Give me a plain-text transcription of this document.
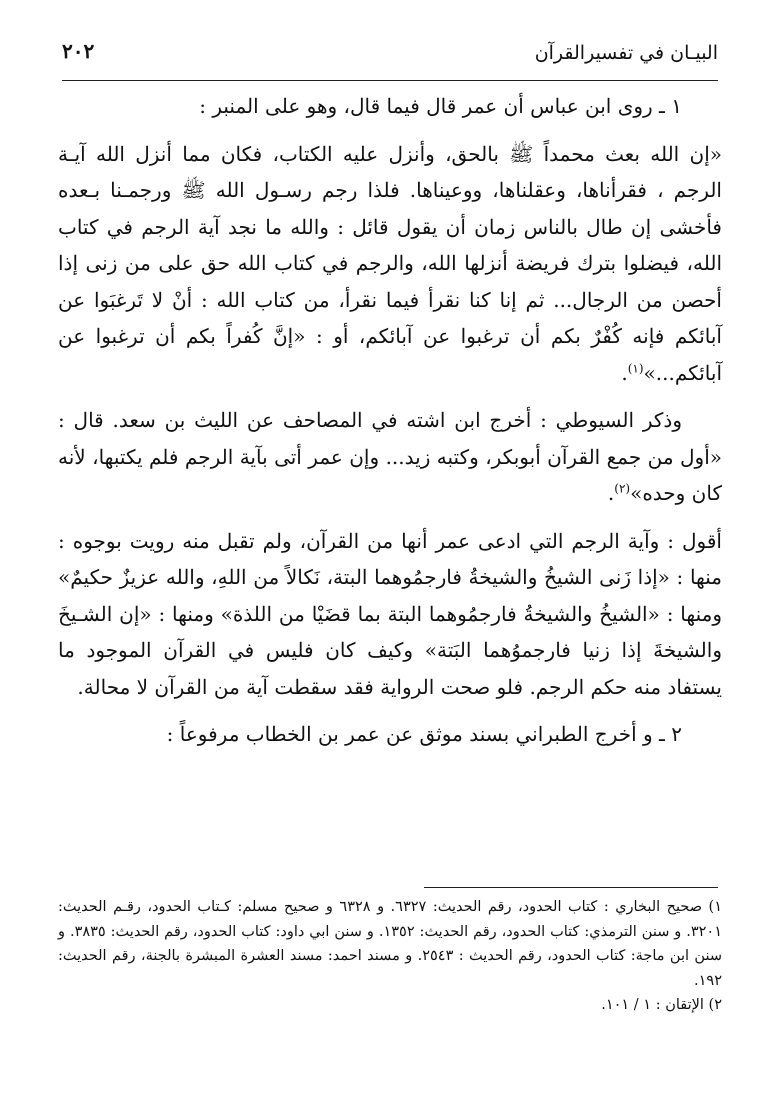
البيـان في تفسيرالقرآن
٢٠٢

١ ـ روى ابن عباس أن عمر قال فيما قال، وهو على المنبر :

«إن الله بعث محمداً ﷺ بالحق، وأنزل عليه الكتاب، فكان مما أنزل الله آيـة الرجم ، فقرأناها، وعقلناها، ووعيناها. فلذا رجم رسـول الله ﷺ ورجمـنا بـعده فأخشى إن طال بالناس زمان أن يقول قائل : والله ما نجد آية الرجم في كتاب الله، فيضلوا بترك فريضة أنزلها الله، والرجم في كتاب الله حق على من زنى إذا أحصن من الرجال... ثم إنا كنا نقرأ فيما نقرأ، من كتاب الله : أنْ لا تَرغبَوا عن آبائكم فإنه كُفْرٌ بكم أن ترغبوا عن آبائكم، أو : «إنَّ كُفراً بكم أن ترغبوا عن آبائكم...»$^{(١)}$.

وذكر السيوطي : أخرج ابن اشته في المصاحف عن الليث بن سعد. قال : «أول من جمع القرآن أبوبكر، وكتبه زيد... وإن عمر أتى بآية الرجم فلم يكتبها، لأنه كان وحده»$^{(٢)}$.

أقول : وآية الرجم التي ادعى عمر أنها من القرآن، ولم تقبل منه رويت بوجوه : منها : «إذا زَنى الشيخُ والشيخةُ فارجمُوهما البتة، نَكالاً من اللهِ، والله عزيزٌ حكيمٌ» ومنها : «الشيخُ والشيخةُ فارجمُوهما البتة بما قضَيْا من اللذة» ومنها : «إن الشـيخَ والشيخةَ إذا زنيا فارجموُهما البَتة» وكيف كان فليس في القرآن الموجود ما يستفاد منه حكم الرجم. فلو صحت الرواية فقد سقطت آية من القرآن لا محالة.

٢ ـ و أخرج الطبراني بسند موثق عن عمر بن الخطاب مرفوعاً :

١) صحيح البخاري : كتاب الحدود، رقم الحديث: ٦٣٢٧. و ٦٣٢٨ و صحيح مسلم: كـتاب الحدود، رقـم الحديث: ٣٢٠١. و سنن الترمذي: كتاب الحدود، رقم الحديث: ١٣٥٢. و سنن ابي داود: كتاب الحدود، رقم الحديث: ٣٨٣٥. و سنن ابن ماجة: كتاب الحدود، رقم الحديث : ٢٥٤٣. و مسند احمد: مسند العشرة المبشرة بالجنة، رقم الحديث: ١٩٢.

٢) الإتقان : ١ / ١٠١.
